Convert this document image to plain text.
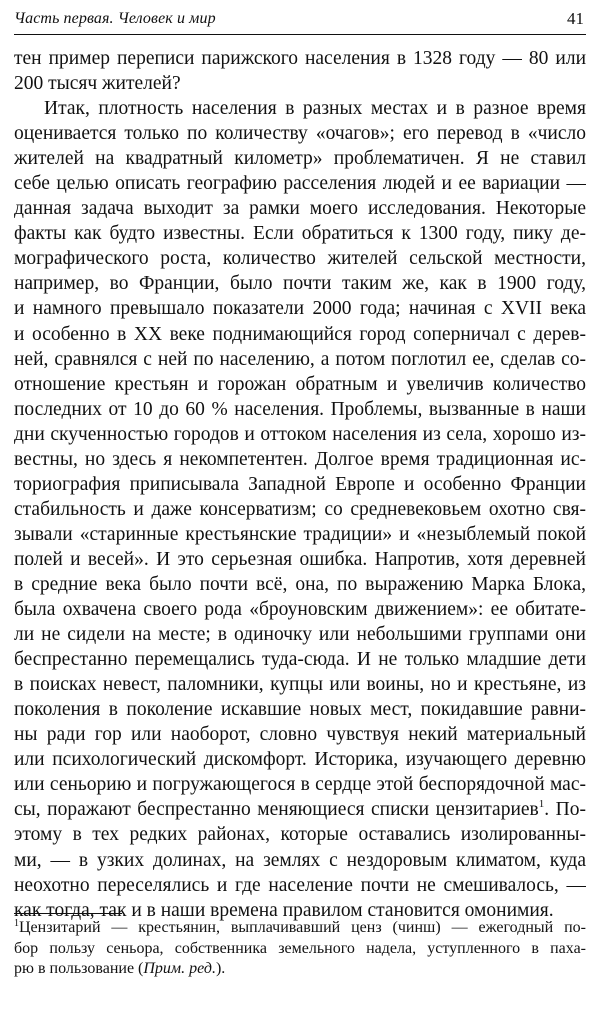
Часть первая. Человек и мир	41
тен пример переписи парижского населения в 1328 году — 80 или
200 тысяч жителей?
Итак, плотность населения в разных местах и в разное время
оценивается только по количеству «очагов»; его перевод в «число
жителей на квадратный километр» проблематичен. Я не ставил
себе целью описать географию расселения людей и ее вариации —
данная задача выходит за рамки моего исследования. Некоторые
факты как будто известны. Если обратиться к 1300 году, пику де-
мографического роста, количество жителей сельской местности,
например, во Франции, было почти таким же, как в 1900 году,
и намного превышало показатели 2000 года; начиная с XVII века
и особенно в XX веке поднимающийся город соперничал с дерев-
ней, сравнялся с ней по населению, а потом поглотил ее, сделав со-
отношение крестьян и горожан обратным и увеличив количество
последних от 10 до 60 % населения. Проблемы, вызванные в наши
дни скученностью городов и оттоком населения из села, хорошо из-
вестны, но здесь я некомпетентен. Долгое время традиционная ис-
ториография приписывала Западной Европе и особенно Франции
стабильность и даже консерватизм; со средневековьем охотно свя-
зывали «старинные крестьянские традиции» и «незыблемый покой
полей и весей». И это серьезная ошибка. Напротив, хотя деревней
в средние века было почти всё, она, по выражению Марка Блока,
была охвачена своего рода «броуновским движением»: ее обитате-
ли не сидели на месте; в одиночку или небольшими группами они
беспрестанно перемещались туда-сюда. И не только младшие дети
в поисках невест, паломники, купцы или воины, но и крестьяне, из
поколения в поколение искавшие новых мест, покидавшие равни-
ны ради гор или наоборот, словно чувствуя некий материальный
или психологический дискомфорт. Историка, изучающего деревню
или сеньорию и погружающегося в сердце этой беспорядочной мас-
сы, поражают беспрестанно меняющиеся списки цензитариев$^1$. По-
этому в тех редких районах, которые оставались изолированны-
ми, — в узких долинах, на землях с нездоровым климатом, куда
неохотно переселялись и где население почти не смешивалось, —
как тогда, так и в наши времена правилом становится омонимия.
$^1$Цензитарий — крестьянин, выплачивавший ценз (чинш) — ежегодный по-
бор пользу сеньора, собственника земельного надела, уступленного в паха-
рю в пользование (Прим. ред.).
